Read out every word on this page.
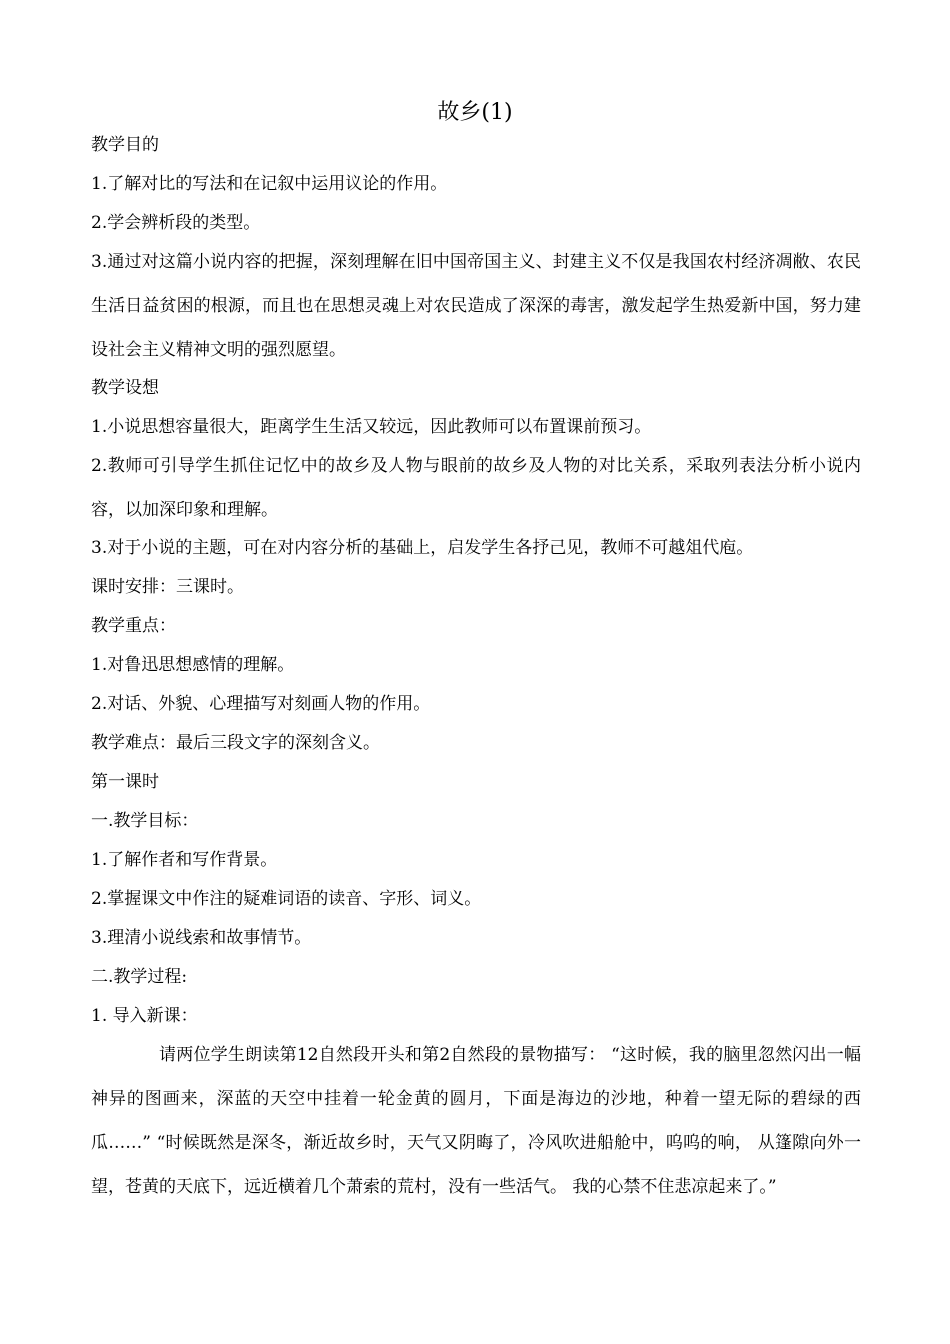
故乡(1)
教学目的
1.了解对比的写法和在记叙中运用议论的作用。
2.学会辨析段的类型。
3.通过对这篇小说内容的把握，深刻理解在旧中国帝国主义、封建主义不仅是我国农村经济凋敝、农民生活日益贫困的根源，而且也在思想灵魂上对农民造成了深深的毒害，激发起学生热爱新中国，努力建设社会主义精神文明的强烈愿望。
教学设想
1.小说思想容量很大，距离学生生活又较远，因此教师可以布置课前预习。
2.教师可引导学生抓住记忆中的故乡及人物与眼前的故乡及人物的对比关系，采取列表法分析小说内容，以加深印象和理解。
3.对于小说的主题，可在对内容分析的基础上，启发学生各抒己见，教师不可越俎代庖。
课时安排：三课时。
教学重点：
1.对鲁迅思想感情的理解。
2.对话、外貌、心理描写对刻画人物的作用。
教学难点：最后三段文字的深刻含义。
第一课时
一.教学目标：
1.了解作者和写作背景。
2.掌握课文中作注的疑难词语的读音、字形、词义。
3.理清小说线索和故事情节。
二.教学过程:
1. 导入新课：
请两位学生朗读第12自然段开头和第2自然段的景物描写： “这时候，我的脑里忽然闪出一幅神异的图画来，深蓝的天空中挂着一轮金黄的圆月，下面是海边的沙地，种着一望无际的碧绿的西瓜……” “时候既然是深冬，渐近故乡时，天气又阴晦了，冷风吹进船舱中，呜呜的响， 从篷隙向外一望，苍黄的天底下，远近横着几个萧索的荒村，没有一些活气。 我的心禁不住悲凉起来了。”
